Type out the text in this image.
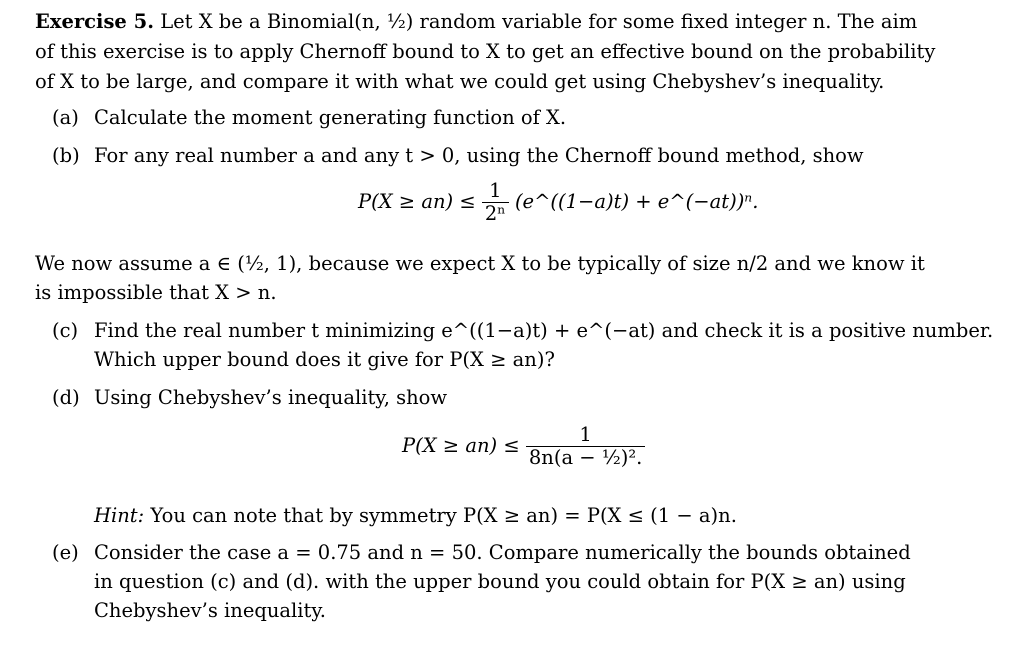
Exercise 5. Let X be a Binomial(n, ½) random variable for some fixed integer n. The aim
of this exercise is to apply Chernoff bound to X to get an effective bound on the probability
of X to be large, and compare it with what we could get using Chebyshev’s inequality.
(a) Calculate the moment generating function of X.
(b) For any real number a and any t > 0, using the Chernoff bound method, show
$P(X \ge an) \le \frac{1}{\text{2ⁿ}}$ (e^((1−a)t) + e^(−at))ⁿ.
We now assume a ∈ (½, 1), because we expect X to be typically of size n/2 and we know it
is impossible that X > n.
(c) Find the real number t minimizing e^((1−a)t) + e^(−at) and check it is a positive number.
Which upper bound does it give for P(X ≥ an)?
(d) Using Chebyshev’s inequality, show
$P(X \ge an) \le \frac{1}{\text{8n(a − ½)².}}$
Hint: You can note that by symmetry P(X ≥ an) = P(X ≤ (1 − a)n.
(e) Consider the case a = 0.75 and n = 50. Compare numerically the bounds obtained
in question (c) and (d). with the upper bound you could obtain for P(X ≥ an) using
Chebyshev’s inequality.
